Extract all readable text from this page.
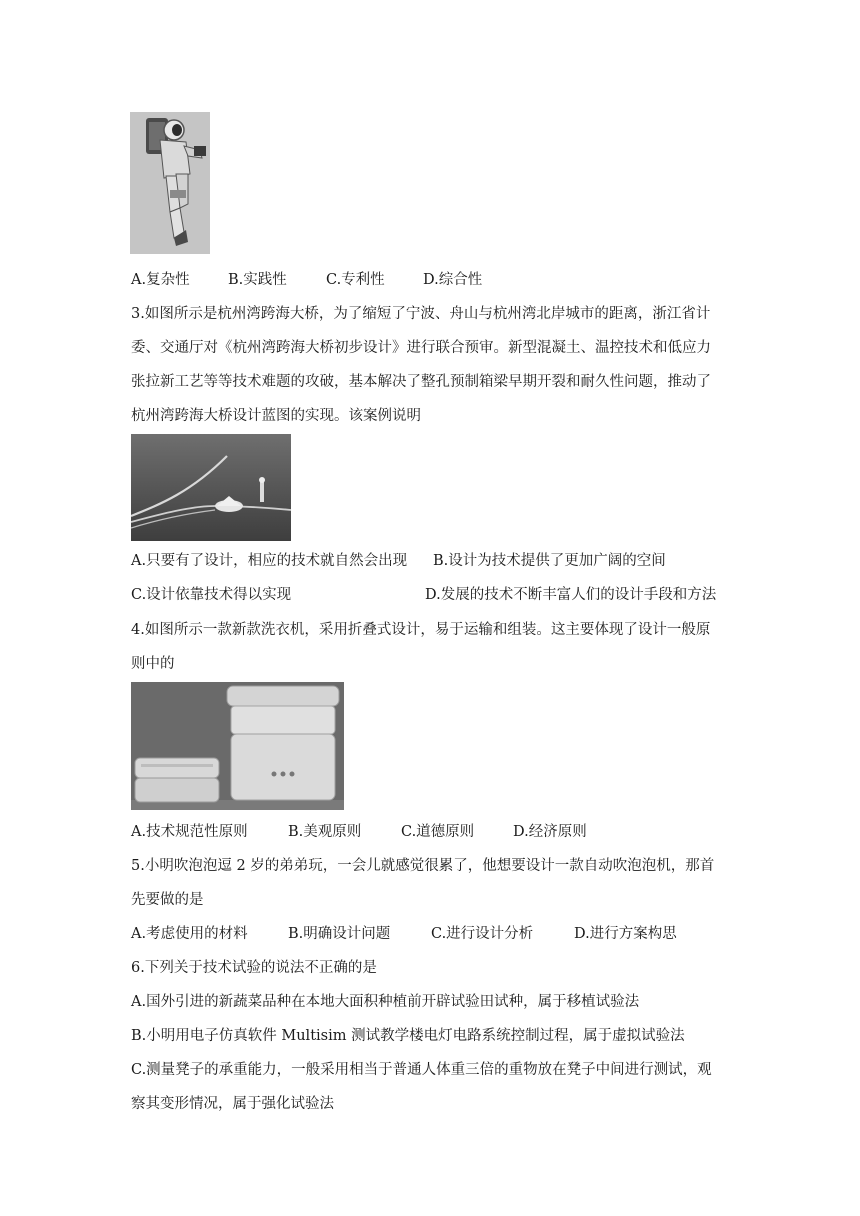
A.复杂性	B.实践性	C.专利性	D.综合性
3.如图所示是杭州湾跨海大桥，为了缩短了宁波、舟山与杭州湾北岸城市的距离，浙江省计
委、交通厅对《杭州湾跨海大桥初步设计》进行联合预审。新型混凝土、温控技术和低应力
张拉新工艺等等技术难题的攻破，基本解决了整孔预制箱梁早期开裂和耐久性问题，推动了
杭州湾跨海大桥设计蓝图的实现。该案例说明
A.只要有了设计，相应的技术就自然会出现 B.设计为技术提供了更加广阔的空间
C.设计依靠技术得以实现	D.发展的技术不断丰富人们的设计手段和方法
4.如图所示一款新款洗衣机，采用折叠式设计，易于运输和组装。这主要体现了设计一般原
则中的
A.技术规范性原则	B.美观原则	C.道德原则	D.经济原则
5.小明吹泡泡逗 2 岁的弟弟玩，一会儿就感觉很累了，他想要设计一款自动吹泡泡机，那首
先要做的是
A.考虑使用的材料	B.明确设计问题	C.进行设计分析	D.进行方案构思
6.下列关于技术试验的说法不正确的是
A.国外引进的新蔬菜品种在本地大面积种植前开辟试验田试种，属于移植试验法
B.小明用电子仿真软件 Multisim 测试教学楼电灯电路系统控制过程，属于虚拟试验法
C.测量凳子的承重能力，一般采用相当于普通人体重三倍的重物放在凳子中间进行测试，观
察其变形情况，属于强化试验法
